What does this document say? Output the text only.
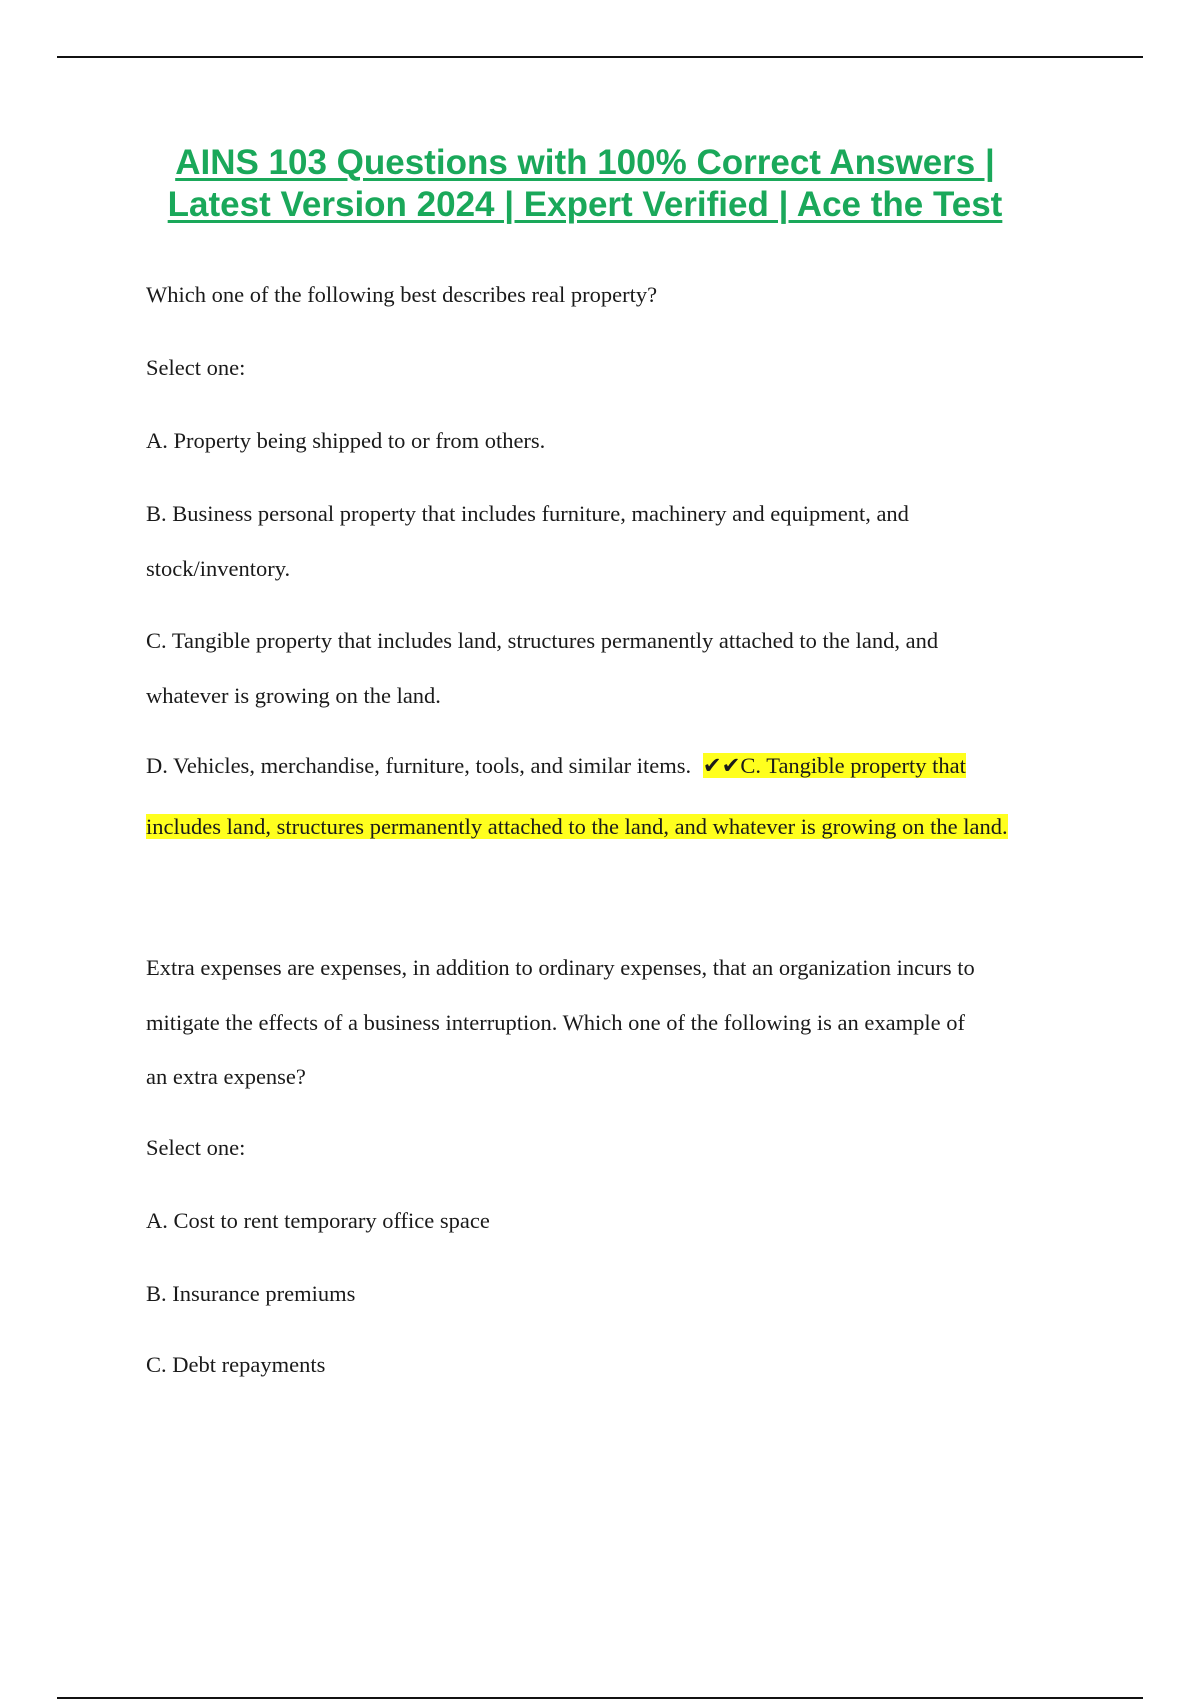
AINS 103 Questions with 100% Correct Answers |
Latest Version 2024 | Expert Verified | Ace the Test
Which one of the following best describes real property?
Select one:
A. Property being shipped to or from others.
B. Business personal property that includes furniture, machinery and equipment, and
stock/inventory.
C. Tangible property that includes land, structures permanently attached to the land, and
whatever is growing on the land.
D. Vehicles, merchandise, furniture, tools, and similar items. ✔✔C. Tangible property that
includes land, structures permanently attached to the land, and whatever is growing on the land.
Extra expenses are expenses, in addition to ordinary expenses, that an organization incurs to
mitigate the effects of a business interruption. Which one of the following is an example of
an extra expense?
Select one:
A. Cost to rent temporary office space
B. Insurance premiums
C. Debt repayments
